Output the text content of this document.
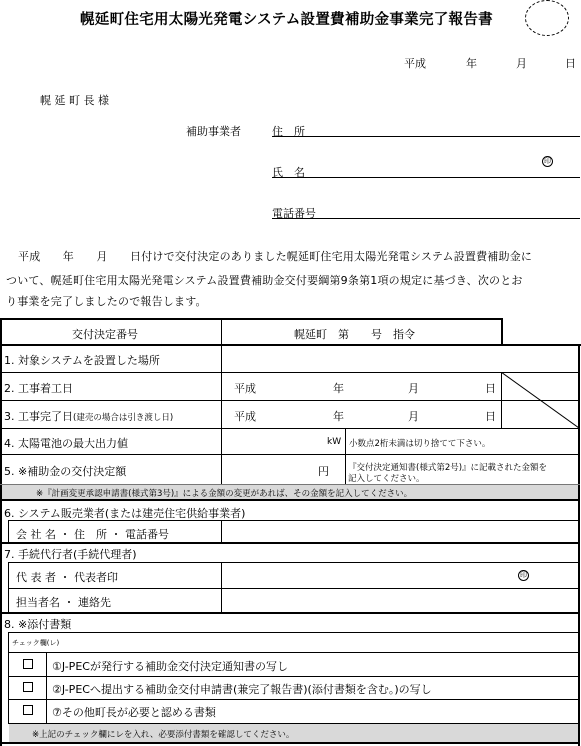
幌延町住宅用太陽光発電システム設置費補助金事業完了報告書
平成	年	月	日
幌 延 町 長 様
補助事業者	住　所
氏　名
印
電話番号
平成　　年　　月　　日付けで交付決定のありました幌延町住宅用太陽光発電システム設置費補助金に
ついて、幌延町住宅用太陽光発電システム設置費補助金交付要綱第9条第1項の規定に基づき、次のとお
り事業を完了しましたので報告します。
交付決定番号	幌延町　第　　号　指令
1. 対象システムを設置した場所
2. 工事着工日	平成	年	月	日
3. 工事完了日(建売の場合は引き渡し日)	平成	年	月	日
4. 太陽電池の最大出力値	kW 小数点2桁未満は切り捨てて下さい。
5. ※補助金の交付決定額	円 『交付決定通知書(様式第2号)』に記載された金額を
記入してください。
※『計画変更承認申請書(様式第3号)』による金額の変更があれば、その金額を記入してください。
6. システム販売業者(または建売住宅供給事業者)
会 社 名 ・ 住　所 ・ 電話番号
7. 手続代行者(手続代理者)
代 表 者 ・ 代表者印	印
担当者名 ・ 連絡先
8. ※添付書類
チェック欄(レ)
①J-PECが発行する補助金交付決定通知書の写し
②J-PECへ提出する補助金交付申請書(兼完了報告書)(添付書類を含む。)の写し
⑦その他町長が必要と認める書類
※上記のチェック欄にレを入れ、必要添付書類を確認してください。
